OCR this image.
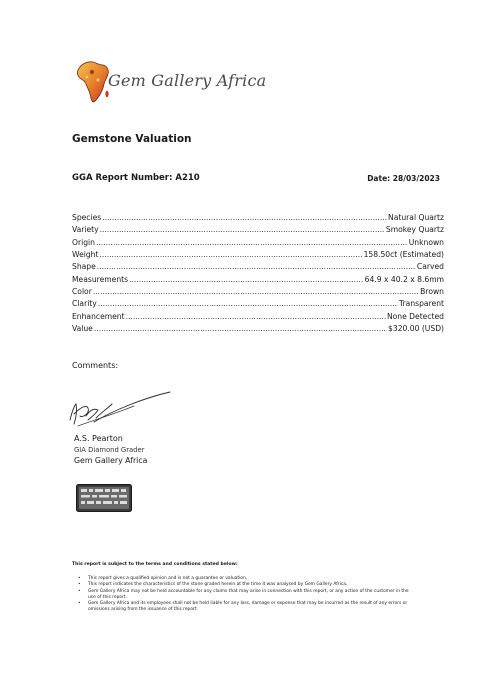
Gem Gallery Africa
Gemstone Valuation
GGA Report Number: A210	Date: 28/03/2023
Species .....	Natural Quartz
Variety .....	Smokey Quartz
Origin .....	Unknown
Weight .....	158.50ct (Estimated)
Shape .....	Carved
Measurements .....	64.9 x 40.2 x 8.6mm
Color .....	Brown
Clarity .....	Transparent
Enhancement .....	None Detected
Value .....	$320.00 (USD)
Comments:
A.S. Pearton
GIA Diamond Grader
Gem Gallery Africa
This report is subject to the terms and conditions stated below:
• This report gives a qualified opinion and is not a guarantee or valuation.
• This report indicates the characteristics of the stone graded herein at the time it was analysed by Gem Gallery Africa.
• Gem Gallery Africa may not be held accountable for any claims that may arise in connection with this report, or any action of the customer in the use of this report.
• Gem Gallery Africa and its employees shall not be held liable for any loss, damage or expense that may be incurred as the result of any errors or omissions arising from the issuance of this report.
